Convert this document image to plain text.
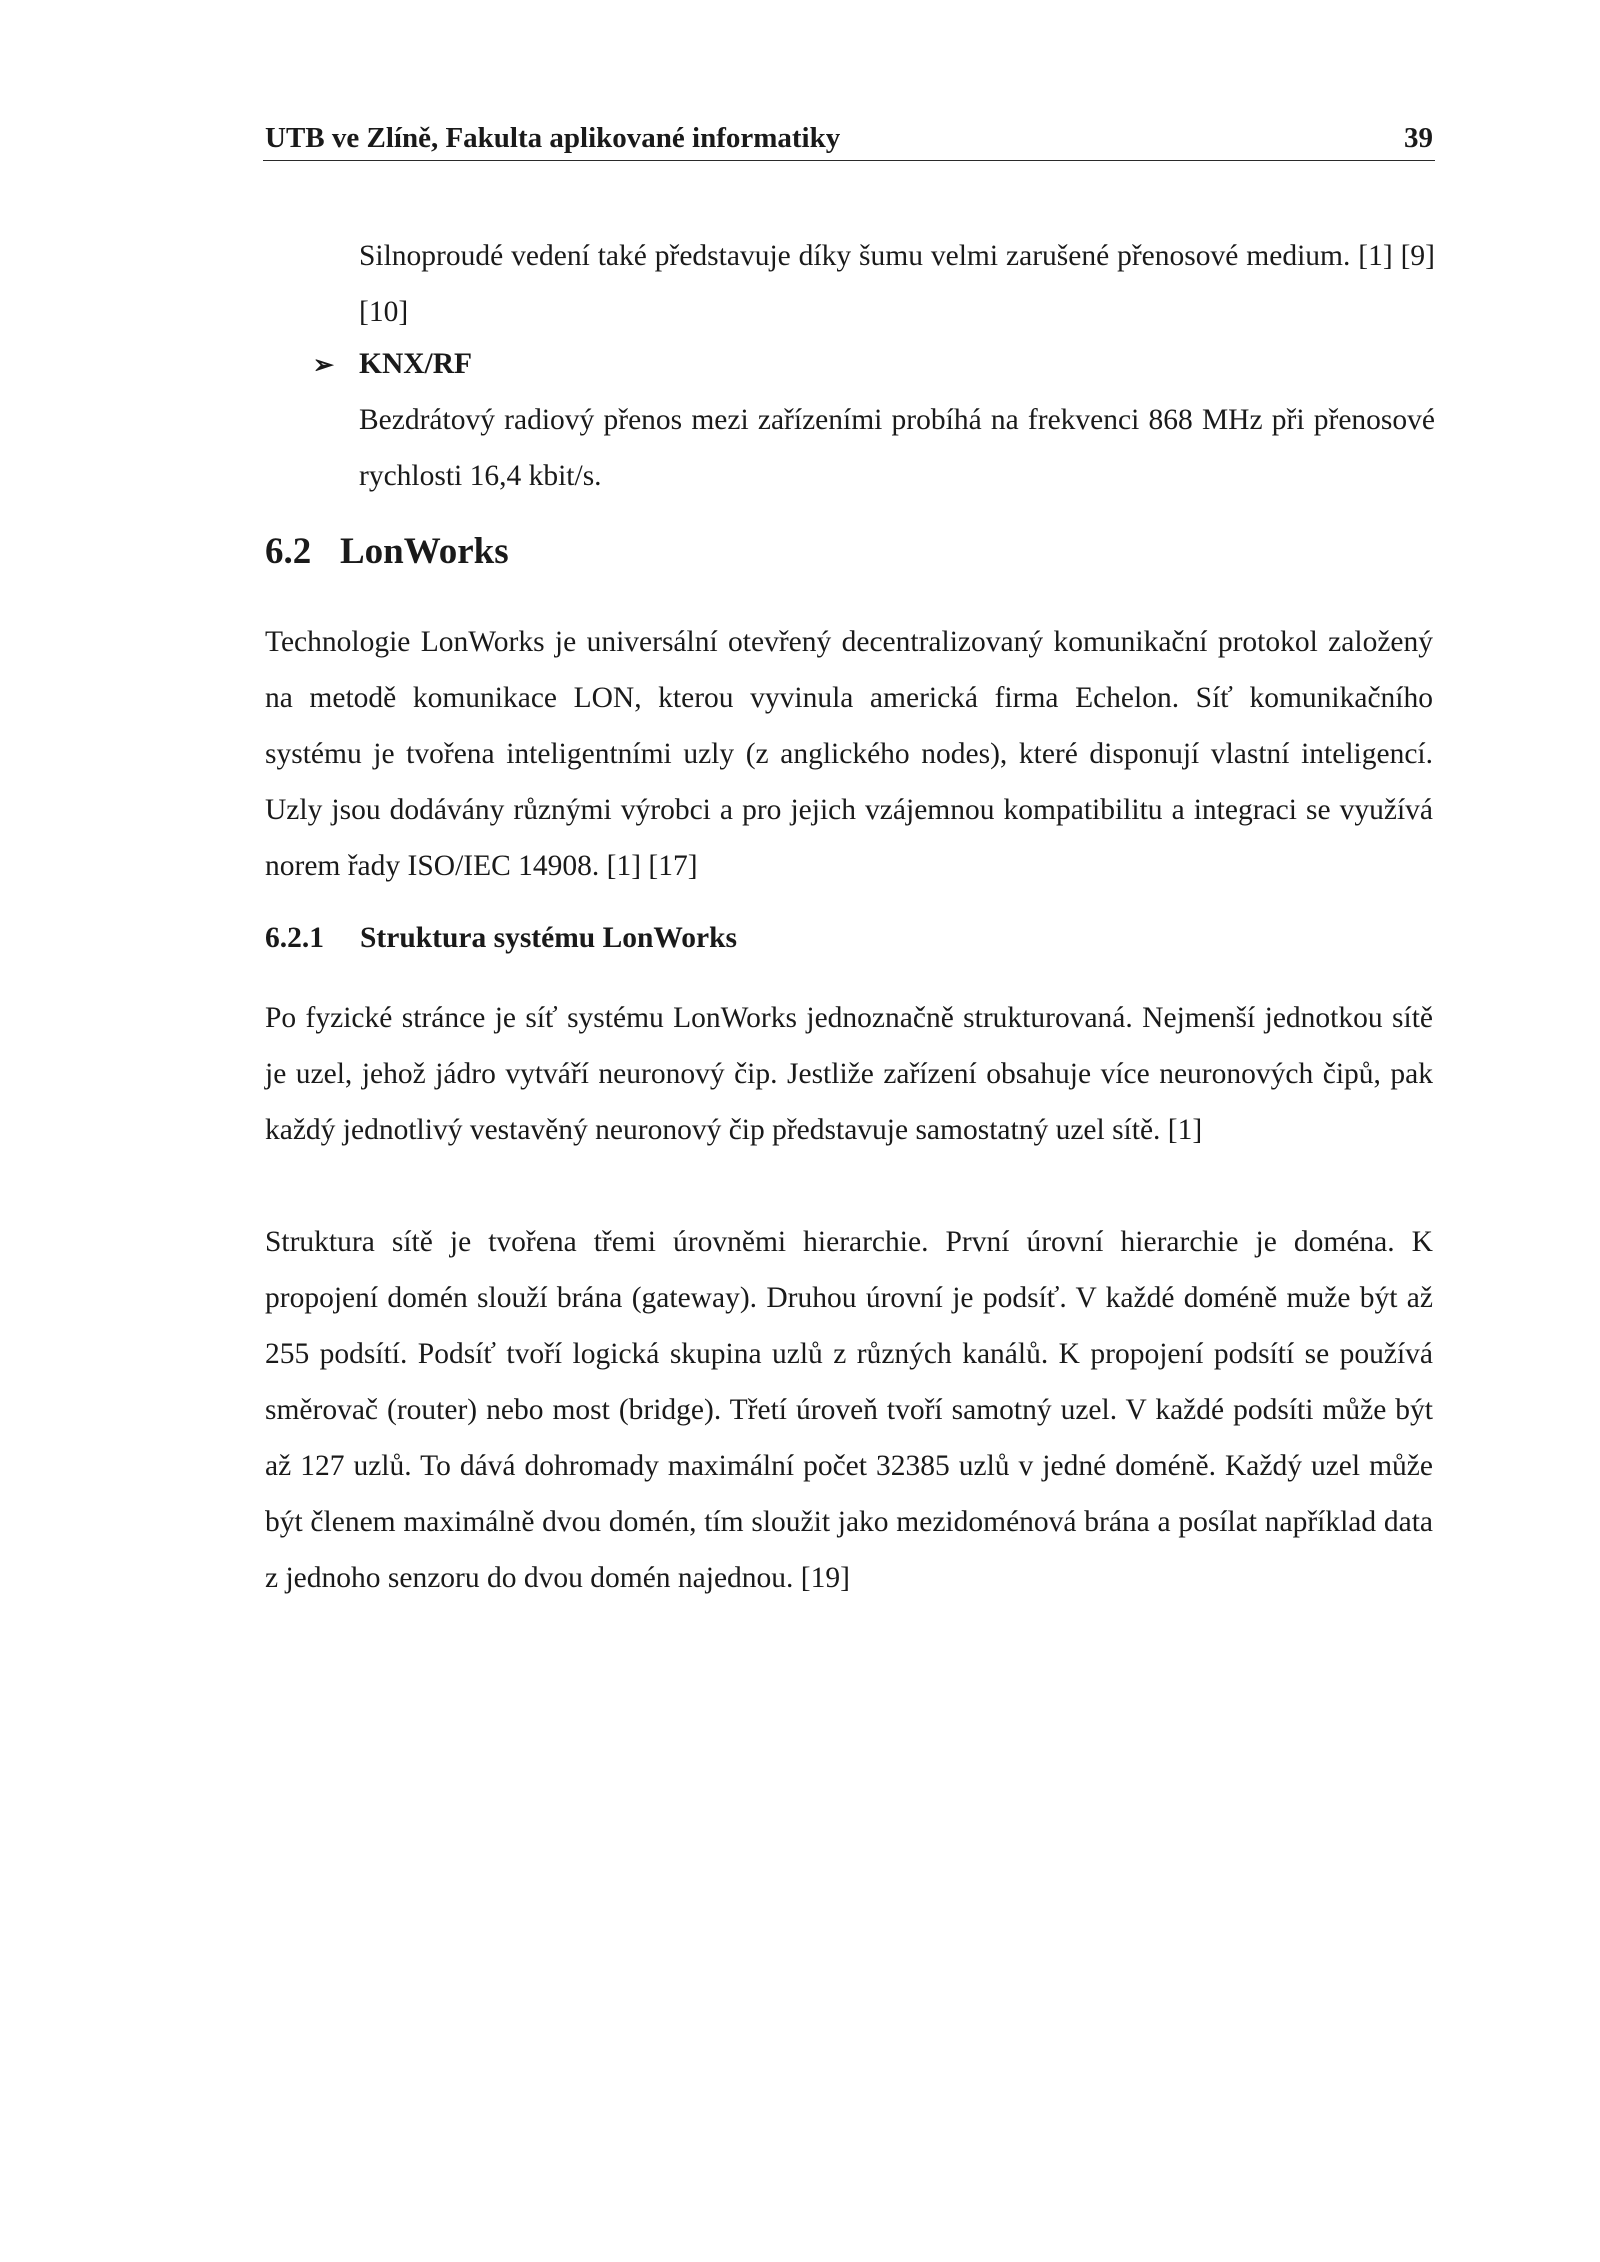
UTB ve Zlíně, Fakulta aplikované informatiky	39

Silnoproudé vedení také představuje díky šumu velmi zarušené přenosové medium. [1] [9] [10]

➢ KNX/RF

Bezdrátový radiový přenos mezi zařízeními probíhá na frekvenci 868 MHz při přenosové rychlosti 16,4 kbit/s.

6.2 LonWorks

Technologie LonWorks je universální otevřený decentralizovaný komunikační protokol založený na metodě komunikace LON, kterou vyvinula americká firma Echelon. Síť komunikačního systému je tvořena inteligentními uzly (z anglického nodes), které disponují vlastní inteligencí. Uzly jsou dodávány různými výrobci a pro jejich vzájemnou kompatibilitu a integraci se využívá norem řady ISO/IEC 14908. [1] [17]

6.2.1 Struktura systému LonWorks

Po fyzické stránce je síť systému LonWorks jednoznačně strukturovaná. Nejmenší jednotkou sítě je uzel, jehož jádro vytváří neuronový čip. Jestliže zařízení obsahuje více neuronových čipů, pak každý jednotlivý vestavěný neuronový čip představuje samostatný uzel sítě. [1]

Struktura sítě je tvořena třemi úrovněmi hierarchie. První úrovní hierarchie je doména. K propojení domén slouží brána (gateway). Druhou úrovní je podsíť. V každé doméně muže být až 255 podsítí. Podsíť tvoří logická skupina uzlů z různých kanálů. K propojení podsítí se používá směrovač (router) nebo most (bridge). Třetí úroveň tvoří samotný uzel. V každé podsíti může být až 127 uzlů. To dává dohromady maximální počet 32385 uzlů v jedné doméně. Každý uzel může být členem maximálně dvou domén, tím sloužit jako mezidoménová brána a posílat například data z jednoho senzoru do dvou domén najednou. [19]
